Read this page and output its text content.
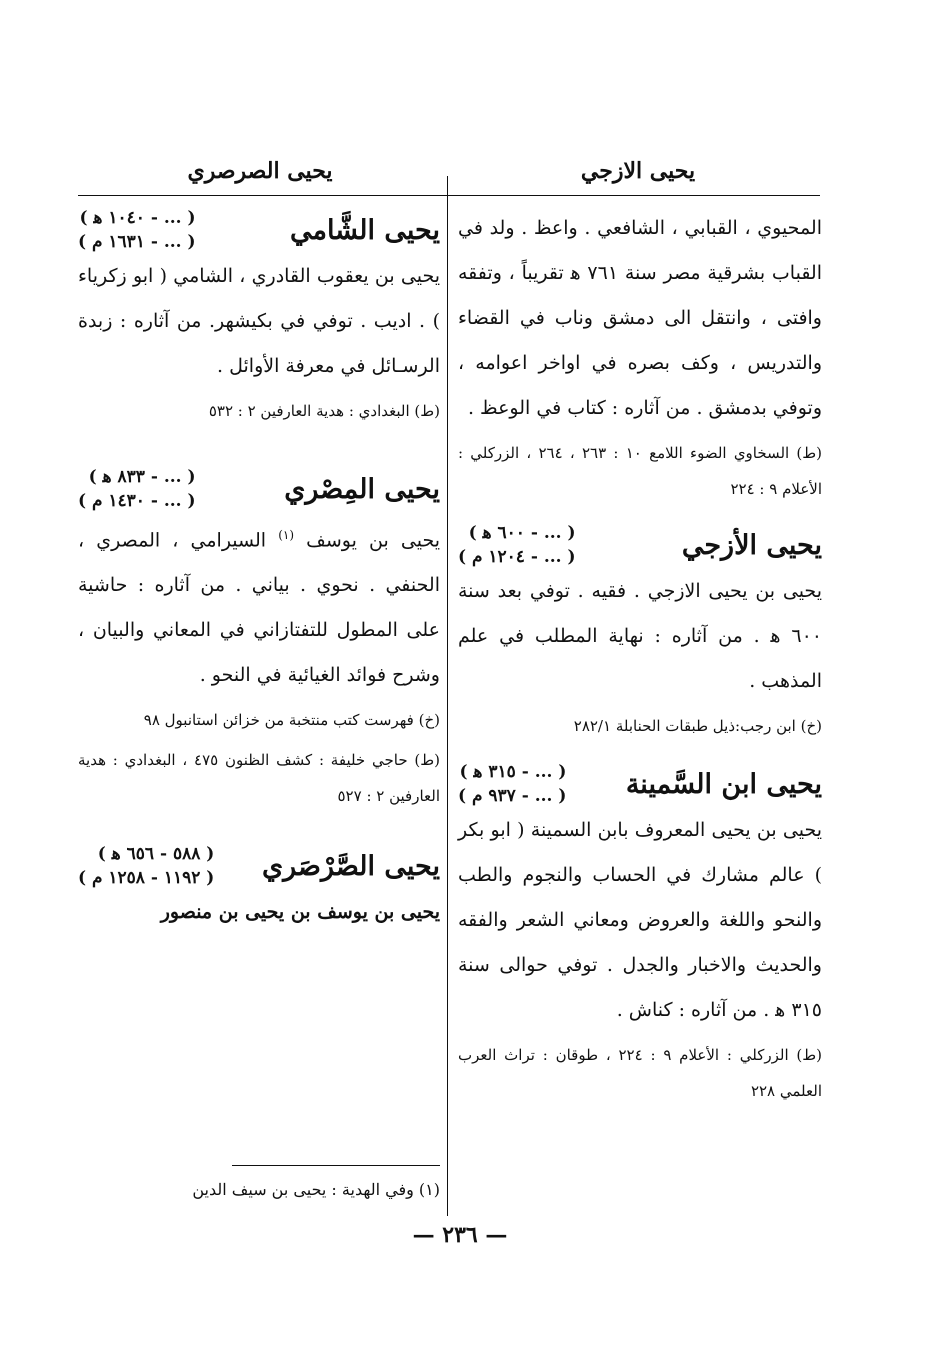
يحيى الازجي
يحيى الصرصري

المحيوي ، القبابي ، الشافعي . واعظ . ولد في القباب بشرقية مصر سنة ٧٦١ ﻫ تقريباً ، وتفقه وافتى ، وانتقل الى دمشق وناب في القضاء والتدريس ، وكف بصره في اواخر اعوامه ، وتوفي بدمشق . من آثاره : كتاب في الوعظ .

(ط) السخاوي الضوء اللامع ١٠ : ٢٦٣ ، ٢٦٤ ، الزركلي : الأعلام ٩ : ٢٢٤

يحيى الأزجي
( ... - ٦٠٠ ﻫ )
( ... - ١٢٠٤ م )

يحيى بن يحيى الازجي . فقيه . توفي بعد سنة ٦٠٠ ﻫ . من آثاره : نهاية المطلب في علم المذهب .

(خ) ابن رجب:ذيل طبقات الحنابلة ٢٨٢/١

يحيى ابن السَّمينة
( ... - ٣١٥ ﻫ )
( ... - ٩٣٧ م )

يحيى بن يحيى المعروف بابن السمينة ( ابو بكر ) عالم مشارك في الحساب والنجوم والطب والنحو واللغة والعروض ومعاني الشعر والفقه والحديث والاخبار والجدل . توفي حوالى سنة ٣١٥ ﻫ . من آثاره : كناش .

(ط) الزركلي : الأعلام ٩ : ٢٢٤ ، طوقان : تراث العرب العلمي ٢٢٨

يحيى الشَّامي
( ... - ١٠٤٠ ﻫ )
( ... - ١٦٣١ م )

يحيى بن يعقوب القادري ، الشامي ( ابو زكرياء ) . اديب . توفي في بكيشهر. من آثاره : زبدة الرسـائل في معرفة الأوائل .

(ط) البغدادي : هدية العارفين ٢ : ٥٣٢

يحيى المِصْري
( ... - ٨٣٣ ﻫ )
( ... - ١٤٣٠ م )

يحيى بن يوسف $^{(١)}$ السيرامي ، المصري ، الحنفي . نحوي . بياني . من آثاره : حاشية على المطول للتفتازاني في المعاني والبيان ، وشرح فوائد الغيائية في النحو .

(خ) فهرست كتب منتخبة من خزائن استانبول ٩٨

(ط) حاجي خليفة : كشف الظنون ٤٧٥ ، البغدادي : هدية العارفين ٢ : ٥٢٧

يحيى الصَّرْصَري
( ٥٨٨ - ٦٥٦ ﻫ )
( ١١٩٢ - ١٢٥٨ م )

يحيى بن يوسف بن يحيى بن منصور

(١) وفي الهدية : يحيى بن سيف الدين
— ٢٣٦ —
